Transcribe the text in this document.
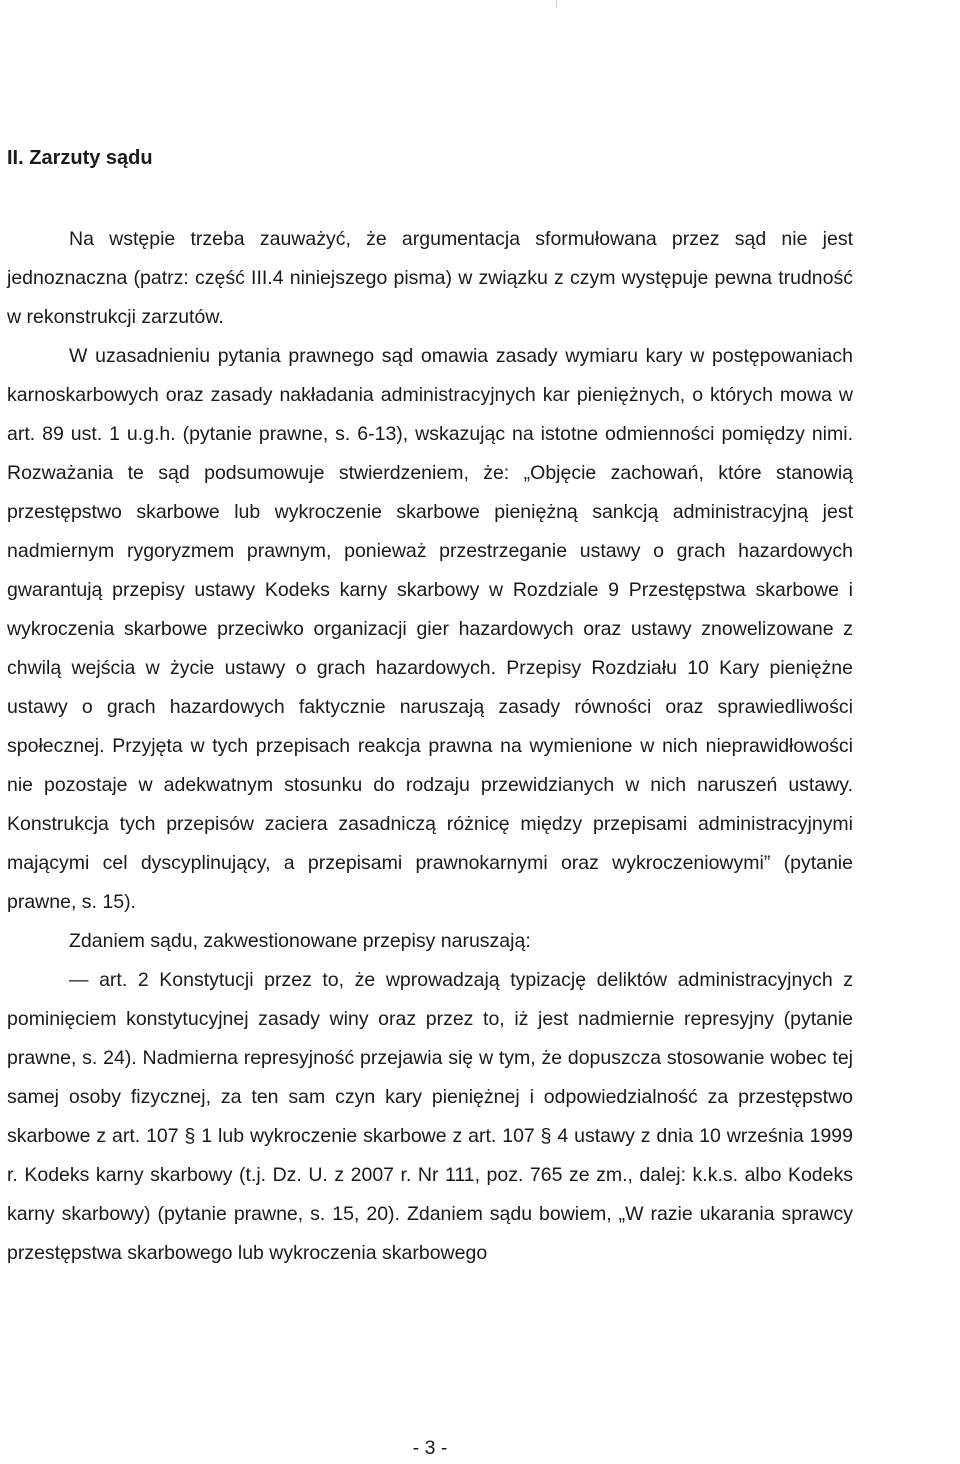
II. Zarzuty sądu

Na wstępie trzeba zauważyć, że argumentacja sformułowana przez sąd nie jest jednoznaczna (patrz: część III.4 niniejszego pisma) w związku z czym występuje pewna trudność w rekonstrukcji zarzutów.

W uzasadnieniu pytania prawnego sąd omawia zasady wymiaru kary w postępowaniach karnoskarbowych oraz zasady nakładania administracyjnych kar pieniężnych, o których mowa w art. 89 ust. 1 u.g.h. (pytanie prawne, s. 6-13), wskazując na istotne odmienności pomiędzy nimi. Rozważania te sąd podsumowuje stwierdzeniem, że: „Objęcie zachowań, które stanowią przestępstwo skarbowe lub wykroczenie skarbowe pieniężną sankcją administracyjną jest nadmiernym rygoryzmem prawnym, ponieważ przestrzeganie ustawy o grach hazardowych gwarantują przepisy ustawy Kodeks karny skarbowy w Rozdziale 9 Przestępstwa skarbowe i wykroczenia skarbowe przeciwko organizacji gier hazardowych oraz ustawy znowelizowane z chwilą wejścia w życie ustawy o grach hazardowych. Przepisy Rozdziału 10 Kary pieniężne ustawy o grach hazardowych faktycznie naruszają zasady równości oraz sprawiedliwości społecznej. Przyjęta w tych przepisach reakcja prawna na wymienione w nich nieprawidłowości nie pozostaje w adekwatnym stosunku do rodzaju przewidzianych w nich naruszeń ustawy. Konstrukcja tych przepisów zaciera zasadniczą różnicę między przepisami administracyjnymi mającymi cel dyscyplinujący, a przepisami prawnokarnymi oraz wykroczeniowymi” (pytanie prawne, s. 15).

Zdaniem sądu, zakwestionowane przepisy naruszają:

— art. 2 Konstytucji przez to, że wprowadzają typizację deliktów administracyjnych z pominięciem konstytucyjnej zasady winy oraz przez to, iż jest nadmiernie represyjny (pytanie prawne, s. 24). Nadmierna represyjność przejawia się w tym, że dopuszcza stosowanie wobec tej samej osoby fizycznej, za ten sam czyn kary pieniężnej i odpowiedzialność za przestępstwo skarbowe z art. 107 § 1 lub wykroczenie skarbowe z art. 107 § 4 ustawy z dnia 10 września 1999 r. Kodeks karny skarbowy (t.j. Dz. U. z 2007 r. Nr 111, poz. 765 ze zm., dalej: k.k.s. albo Kodeks karny skarbowy) (pytanie prawne, s. 15, 20). Zdaniem sądu bowiem, „W razie ukarania sprawcy przestępstwa skarbowego lub wykroczenia skarbowego

- 3 -
